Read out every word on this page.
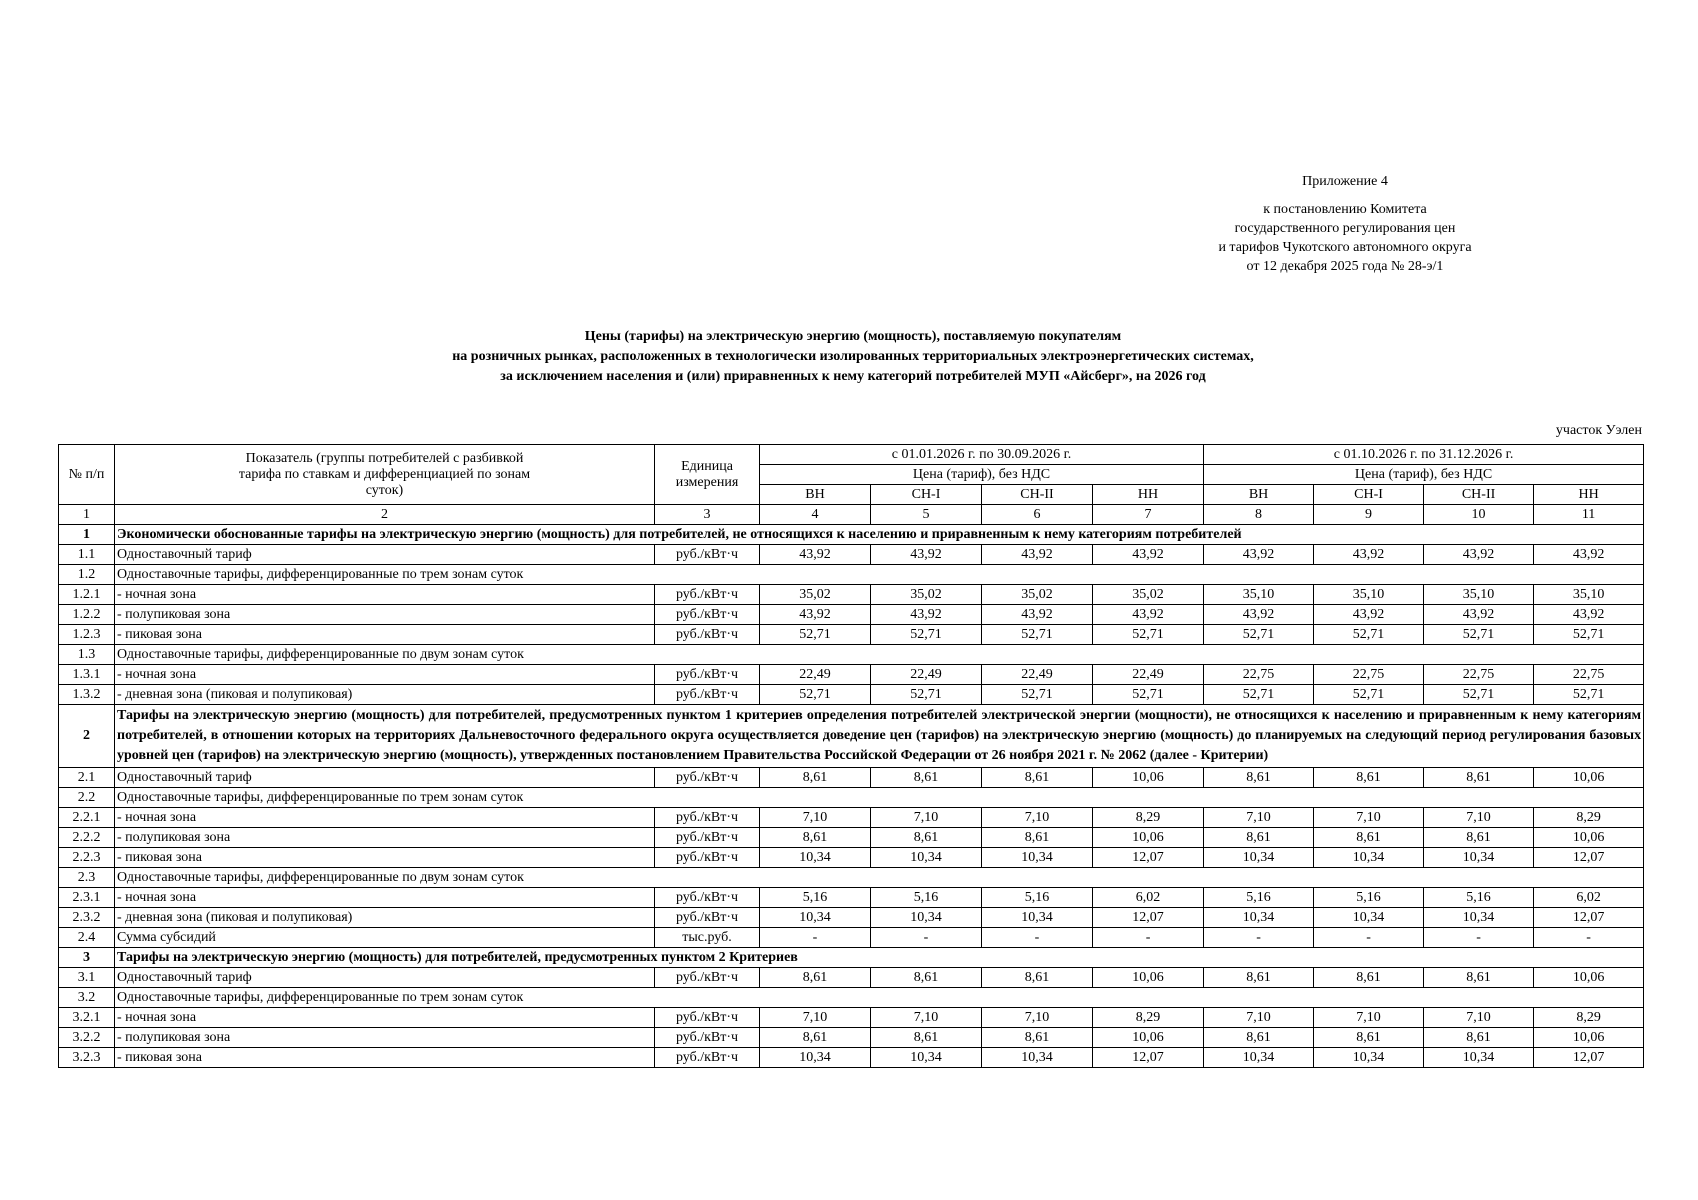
Приложение 4
к постановлению Комитета
государственного регулирования цен
и тарифов Чукотского автономного округа
от 12 декабря 2025 года № 28-э/1
Цены (тарифы) на электрическую энергию (мощность), поставляемую покупателям
на розничных рынках, расположенных в технологически изолированных территориальных электроэнергетических системах,
за исключением населения и (или) приравненных к нему категорий потребителей МУП «Айсберг», на 2026 год
участок Уэлен
№ п/п	Показатель (группы потребителей с разбивкой тарифа по ставкам и дифференциацией по зонам суток)	Единица измерения	с 01.01.2026 г. по 30.09.2026 г.				с 01.10.2026 г. по 31.12.2026 г.			
			Цена (тариф), без НДС				Цена (тариф), без НДС			
			ВН	СН-I	СН-II	НН	ВН	СН-I	СН-II	НН
1	2	3	4	5	6	7	8	9	10	11
1	Экономически обоснованные тарифы на электрическую энергию (мощность) для потребителей, не относящихся к населению и приравненным к нему категориям потребителей									
1.1	Одноставочный тариф	руб./кВт·ч	43,92	43,92	43,92	43,92	43,92	43,92	43,92	43,92
1.2	Одноставочные тарифы, дифференцированные по трем зонам суток									
1.2.1	- ночная зона	руб./кВт·ч	35,02	35,02	35,02	35,02	35,10	35,10	35,10	35,10
1.2.2	- полупиковая зона	руб./кВт·ч	43,92	43,92	43,92	43,92	43,92	43,92	43,92	43,92
1.2.3	- пиковая зона	руб./кВт·ч	52,71	52,71	52,71	52,71	52,71	52,71	52,71	52,71
1.3	Одноставочные тарифы, дифференцированные по двум зонам суток									
1.3.1	- ночная зона	руб./кВт·ч	22,49	22,49	22,49	22,49	22,75	22,75	22,75	22,75
1.3.2	- дневная зона (пиковая и полупиковая)	руб./кВт·ч	52,71	52,71	52,71	52,71	52,71	52,71	52,71	52,71
2	Тарифы на электрическую энергию (мощность) для потребителей, предусмотренных пунктом 1 критериев определения потребителей электрической энергии (мощности), не относящихся к населению и приравненным к нему категориям потребителей, в отношении которых на территориях Дальневосточного федерального округа осуществляется доведение цен (тарифов) на электрическую энергию (мощность) до планируемых на следующий период регулирования базовых уровней цен (тарифов) на электрическую энергию (мощность), утвержденных постановлением Правительства Российской Федерации от 26 ноября 2021 г. № 2062 (далее - Критерии)									
2.1	Одноставочный тариф	руб./кВт·ч	8,61	8,61	8,61	10,06	8,61	8,61	8,61	10,06
2.2	Одноставочные тарифы, дифференцированные по трем зонам суток									
2.2.1	- ночная зона	руб./кВт·ч	7,10	7,10	7,10	8,29	7,10	7,10	7,10	8,29
2.2.2	- полупиковая зона	руб./кВт·ч	8,61	8,61	8,61	10,06	8,61	8,61	8,61	10,06
2.2.3	- пиковая зона	руб./кВт·ч	10,34	10,34	10,34	12,07	10,34	10,34	10,34	12,07
2.3	Одноставочные тарифы, дифференцированные по двум зонам суток									
2.3.1	- ночная зона	руб./кВт·ч	5,16	5,16	5,16	6,02	5,16	5,16	5,16	6,02
2.3.2	- дневная зона (пиковая и полупиковая)	руб./кВт·ч	10,34	10,34	10,34	12,07	10,34	10,34	10,34	12,07
2.4	Сумма субсидий	тыс.руб.	-	-	-	-	-	-	-	-
3	Тарифы на электрическую энергию (мощность) для потребителей, предусмотренных пунктом 2 Критериев									
3.1	Одноставочный тариф	руб./кВт·ч	8,61	8,61	8,61	10,06	8,61	8,61	8,61	10,06
3.2	Одноставочные тарифы, дифференцированные по трем зонам суток									
3.2.1	- ночная зона	руб./кВт·ч	7,10	7,10	7,10	8,29	7,10	7,10	7,10	8,29
3.2.2	- полупиковая зона	руб./кВт·ч	8,61	8,61	8,61	10,06	8,61	8,61	8,61	10,06
3.2.3	- пиковая зона	руб./кВт·ч	10,34	10,34	10,34	12,07	10,34	10,34	10,34	12,07
